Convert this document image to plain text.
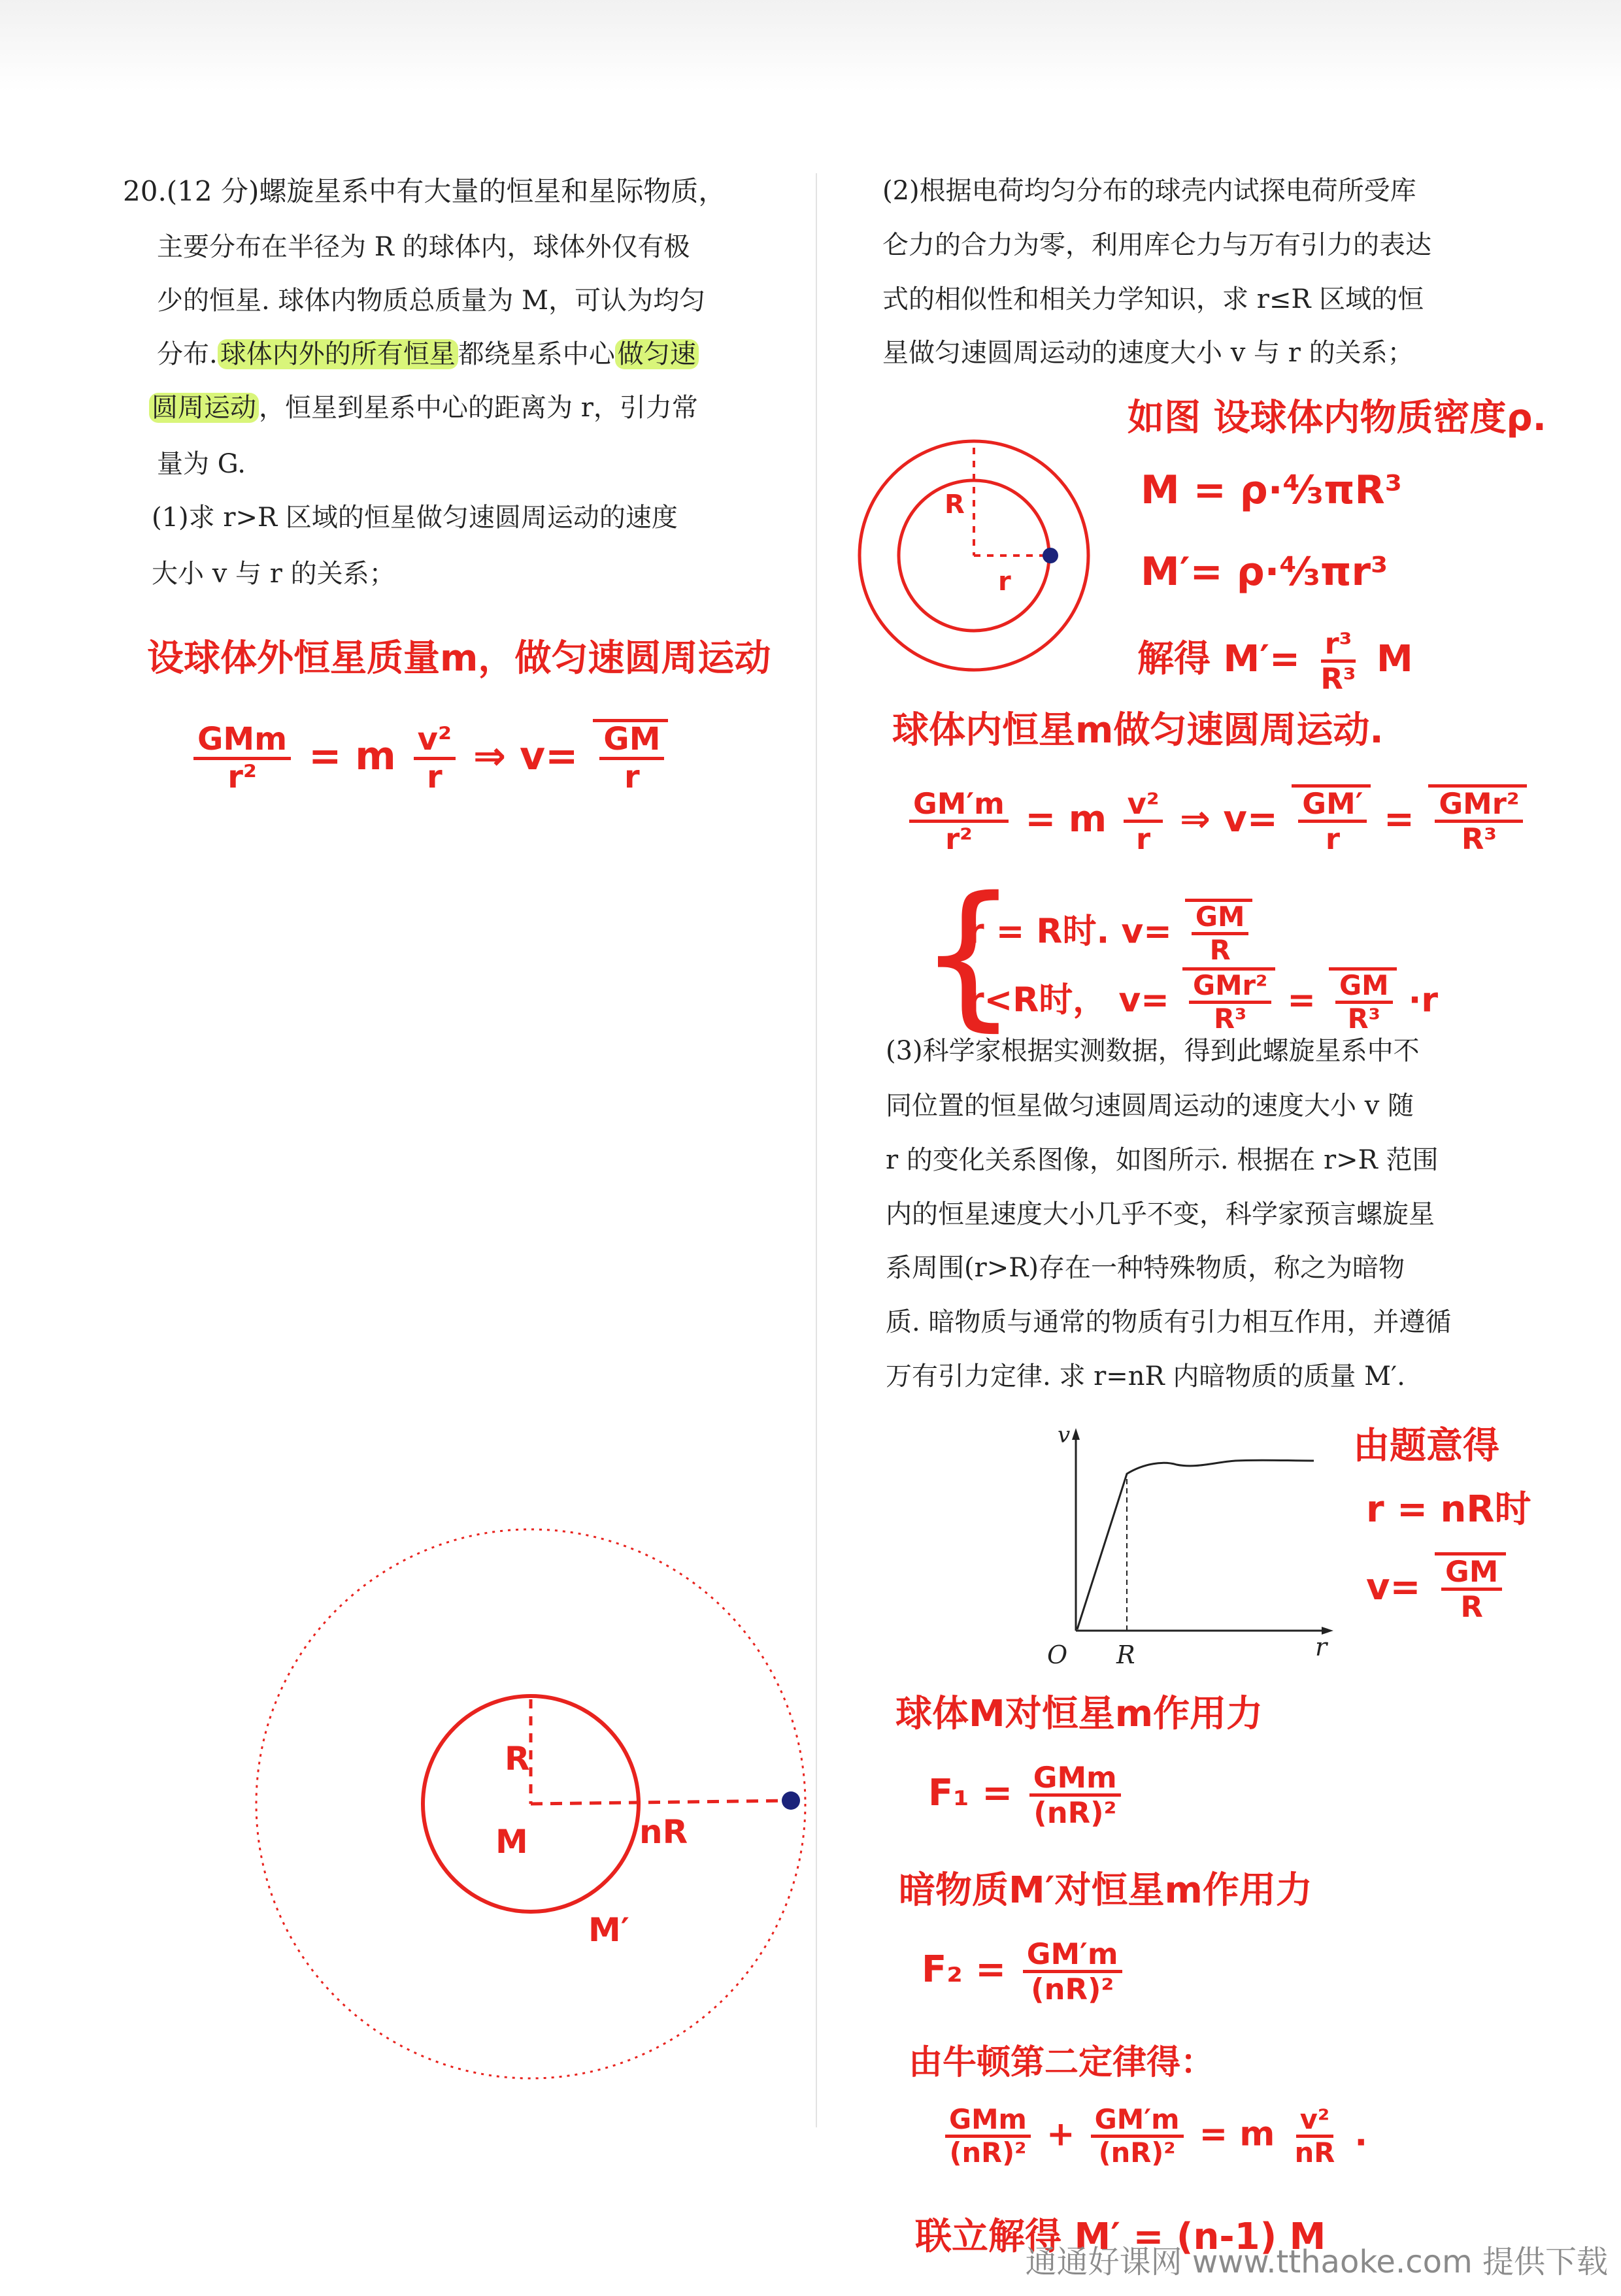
20.(12 分)螺旋星系中有大量的恒星和星际物质，
主要分布在半径为 R 的球体内，球体外仅有极
少的恒星. 球体内物质总质量为 M，可认为均匀
分布. 球体内外的所有恒星 都绕星系中心 做匀速
圆周运动 ，恒星到星系中心的距离为 r，引力常
量为 G.
(1)求 r>R 区域的恒星做匀速圆周运动的速度
大小 v 与 r 的关系；
设球体外恒星质量m，做匀速圆周运动
$\frac{\text{GMm}}{\text{r²}} = m \frac{\text{v²}}{r}$ ⇒ $v= \frac{GM}{r}$
R
M	nR
M′
(2)根据电荷均匀分布的球壳内试探电荷所受库
仑力的合力为零，利用库仑力与万有引力的表达
式的相似性和相关力学知识，求 r≤R 区域的恒
星做匀速圆周运动的速度大小 v 与 r 的关系；
R
r
如图 设球体内物质密度ρ.
M = ρ·⁴⁄₃πR³
M′= ρ·⁴⁄₃πr³
解得 $M'= \frac{\text{r³}}{\text{R³}}$ M
球体内恒星m做匀速圆周运动.
$\frac{GM'm}{\text{r²}} = m \frac{\text{v²}}{r}$ ⇒ $v= \frac{GM'}{r} = \frac{\text{GMr²}}{\text{R³}}$
{
r = R时. $v= \frac{GM}{R}$
r<R时， $v= \frac{\text{GMr²}}{\text{R³}} = \frac{GM}{\text{R³}} \cdot r$
(3)科学家根据实测数据，得到此螺旋星系中不
同位置的恒星做匀速圆周运动的速度大小 v 随
r 的变化关系图像，如图所示. 根据在 r>R 范围
内的恒星速度大小几乎不变，科学家预言螺旋星
系周围(r>R)存在一种特殊物质，称之为暗物
质. 暗物质与通常的物质有引力相互作用，并遵循
万有引力定律. 求 r=nR 内暗物质的质量 M′.
v
O R	r
由题意得
r = nR时
$v= \frac{GM}{R}$
球体M对恒星m作用力
$F_1 = \frac{\text{GMm}}{\text{(nR)²}}$
暗物质M′对恒星m作用力
$F_2 = \frac{GM'm}{\text{(nR)²}}$
由牛顿第二定律得：
$\frac{\text{GMm}}{\text{(nR)²}} + \frac{GM'm}{\text{(nR)²}} = m \frac{\text{v²}}{nR}$ .
联立解得 M′ = (n-1) M
通通好课网 www.tthaoke.com 提供下载
